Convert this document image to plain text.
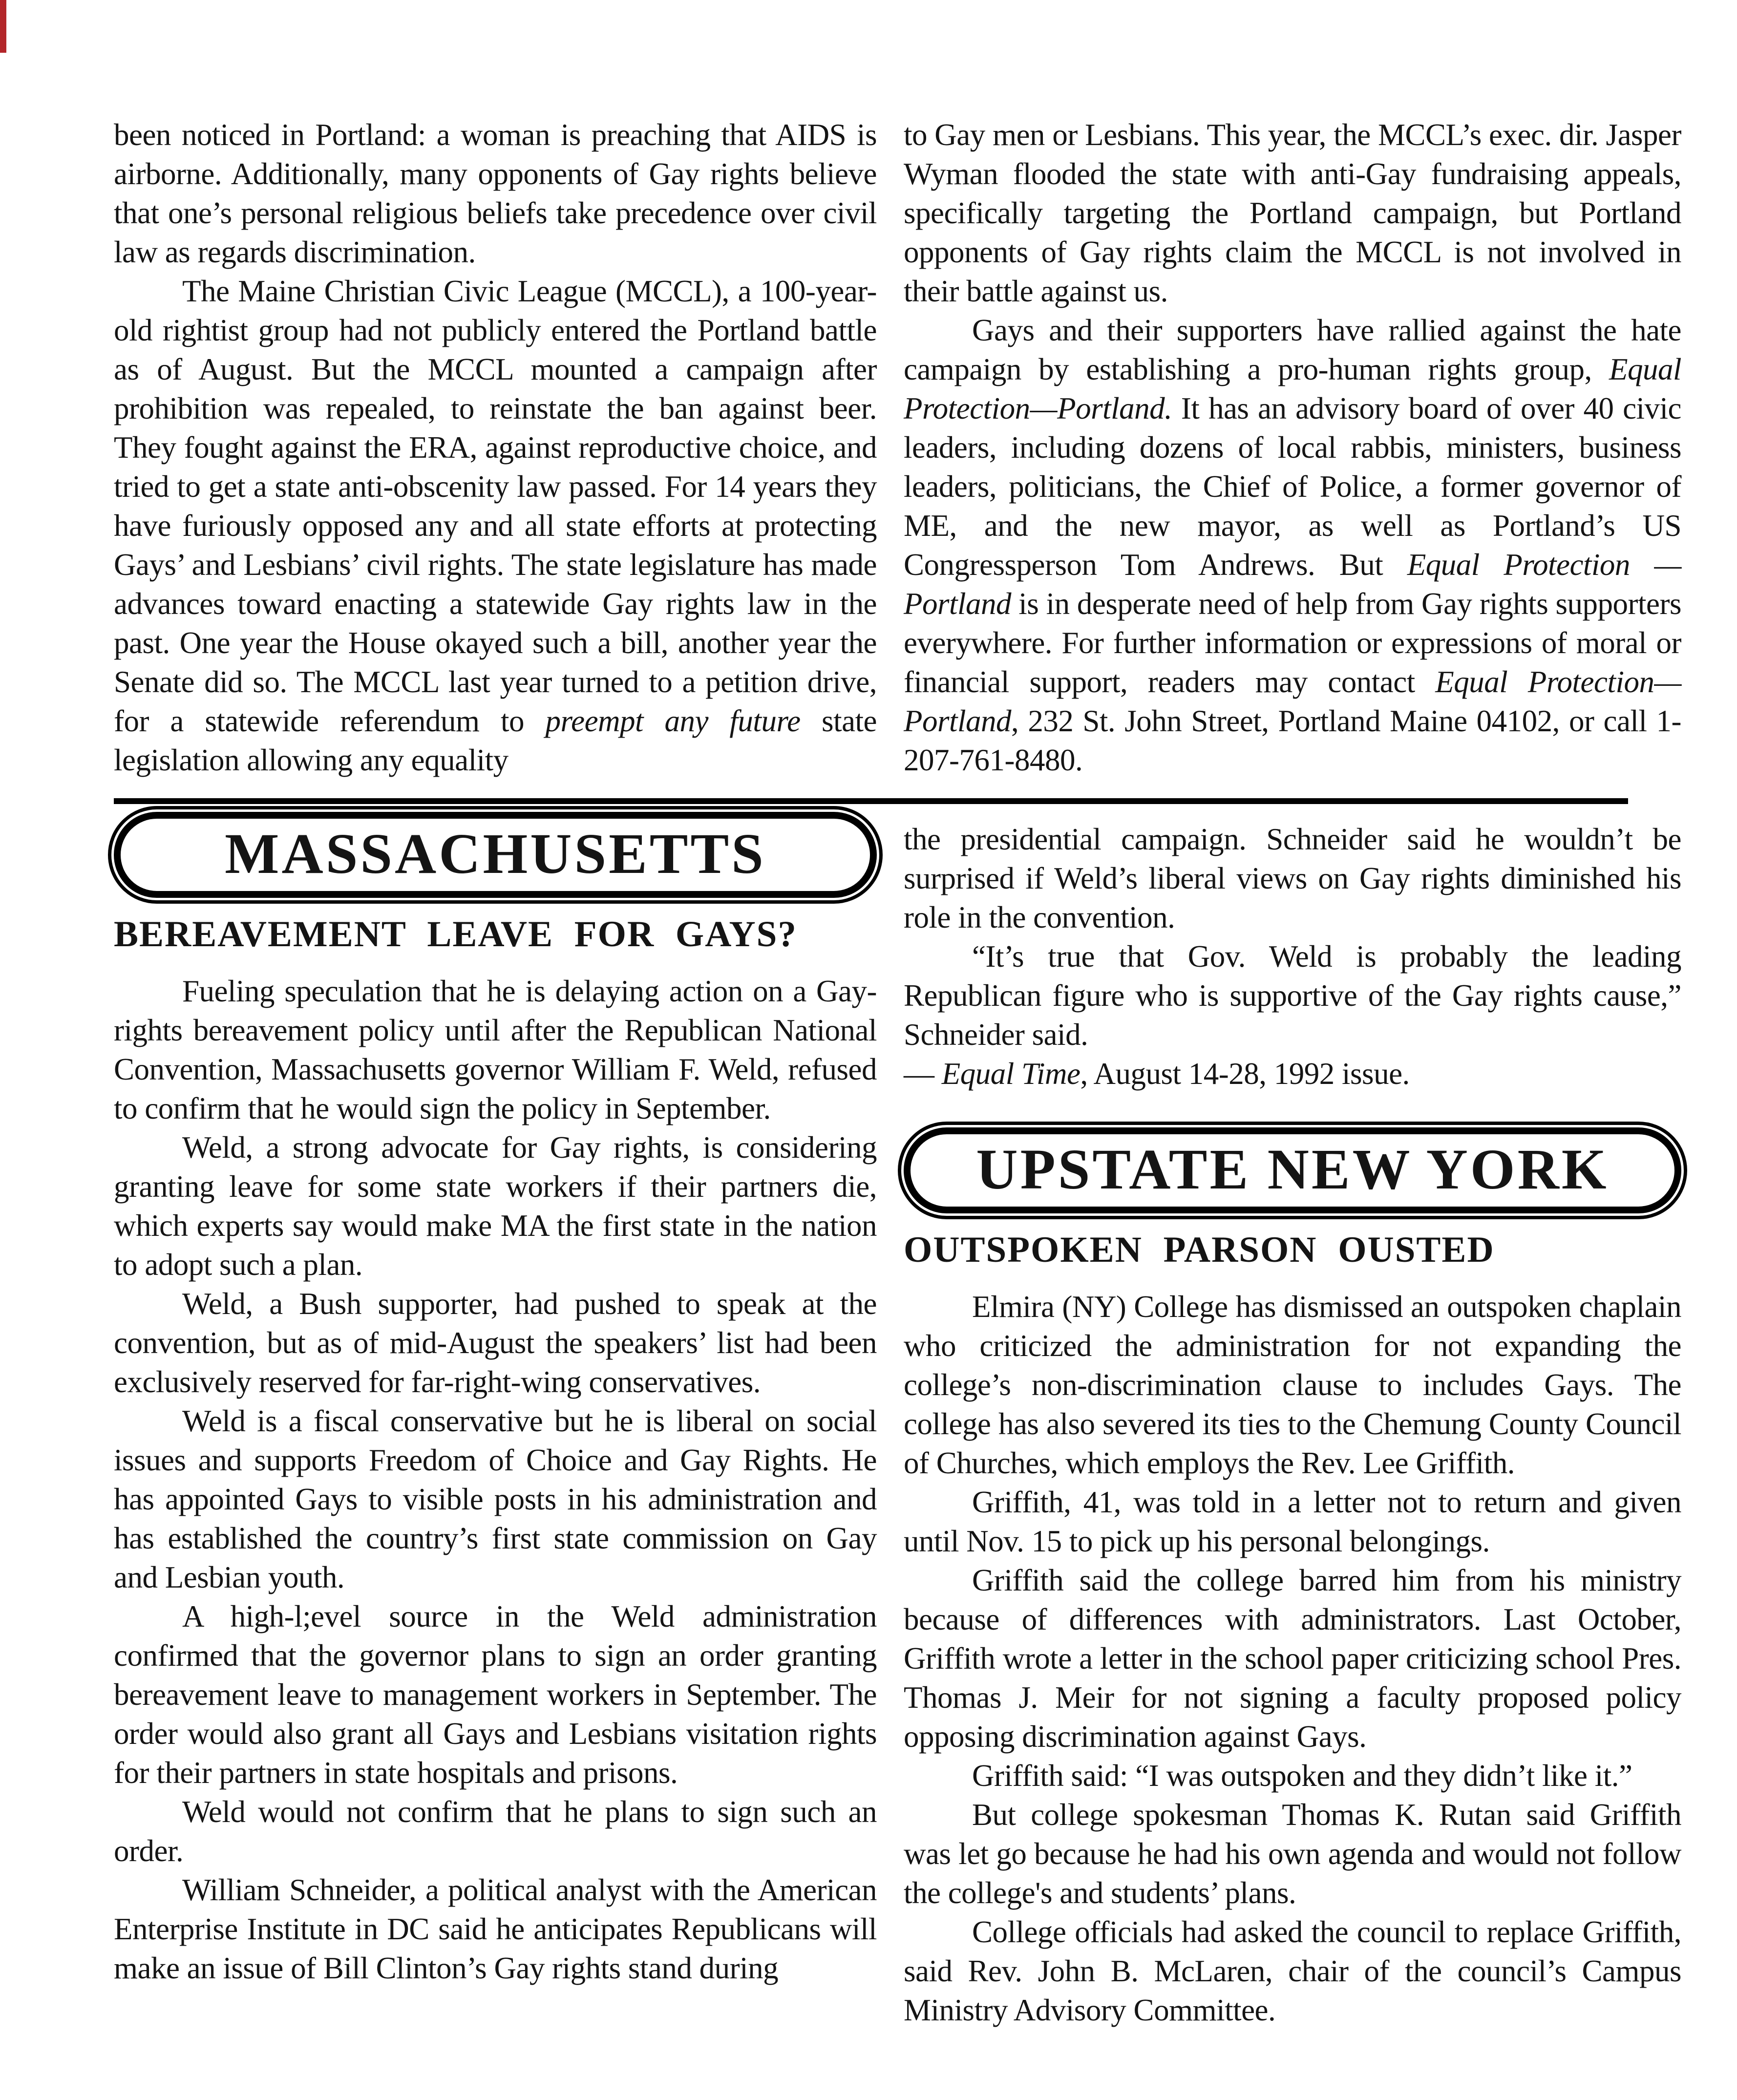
been noticed in Portland: a woman is preaching that AIDS is airborne. Additionally, many opponents of Gay rights believe that one’s personal religious beliefs take precedence over civil law as regards discrimination.

The Maine Christian Civic League (MCCL), a 100-year-old rightist group had not publicly entered the Portland battle as of August. But the MCCL mounted a campaign after prohibition was repealed, to reinstate the ban against beer. They fought against the ERA, against reproductive choice, and tried to get a state anti-obscenity law passed. For 14 years they have furiously opposed any and all state efforts at protecting Gays’ and Lesbians’ civil rights. The state legislature has made advances toward enacting a statewide Gay rights law in the past. One year the House okayed such a bill, another year the Senate did so. The MCCL last year turned to a petition drive, for a statewide referendum to preempt any future state legislation allowing any equality

to Gay men or Lesbians. This year, the MCCL’s exec. dir. Jasper Wyman flooded the state with anti-Gay fundraising appeals, specifically targeting the Portland campaign, but Portland opponents of Gay rights claim the MCCL is not involved in their battle against us.

Gays and their supporters have rallied against the hate campaign by establishing a pro-human rights group, Equal Protection—Portland. It has an advisory board of over 40 civic leaders, including dozens of local rabbis, ministers, business leaders, politicians, the Chief of Police, a former governor of ME, and the new mayor, as well as Portland’s US Congressperson Tom Andrews. But Equal Protection — Portland is in desperate need of help from Gay rights supporters everywhere. For further information or expressions of moral or financial support, readers may contact Equal Protection—Portland, 232 St. John Street, Portland Maine 04102, or call 1-207-761-8480.

MASSACHUSETTS
BEREAVEMENT LEAVE FOR GAYS?

Fueling speculation that he is delaying action on a Gay-rights bereavement policy until after the Republican National Convention, Massachusetts governor William F. Weld, refused to confirm that he would sign the policy in September.

Weld, a strong advocate for Gay rights, is considering granting leave for some state workers if their partners die, which experts say would make MA the first state in the nation to adopt such a plan.

Weld, a Bush supporter, had pushed to speak at the convention, but as of mid-August the speakers’ list had been exclusively reserved for far-right-wing conservatives.

Weld is a fiscal conservative but he is liberal on social issues and supports Freedom of Choice and Gay Rights. He has appointed Gays to visible posts in his administration and has established the country’s first state commission on Gay and Lesbian youth.

A high-l;evel source in the Weld administration confirmed that the governor plans to sign an order granting bereavement leave to management workers in September. The order would also grant all Gays and Lesbians visitation rights for their partners in state hospitals and prisons.

Weld would not confirm that he plans to sign such an order.

William Schneider, a political analyst with the American Enterprise Institute in DC said he anticipates Republicans will make an issue of Bill Clinton’s Gay rights stand during

the presidential campaign. Schneider said he wouldn’t be surprised if Weld’s liberal views on Gay rights diminished his role in the convention.

“It’s true that Gov. Weld is probably the leading Republican figure who is supportive of the Gay rights cause,” Schneider said.

— Equal Time, August 14-28, 1992 issue.

UPSTATE NEW YORK
OUTSPOKEN PARSON OUSTED

Elmira (NY) College has dismissed an outspoken chaplain who criticized the administration for not expanding the college’s non-discrimination clause to includes Gays. The college has also severed its ties to the Chemung County Council of Churches, which employs the Rev. Lee Griffith.

Griffith, 41, was told in a letter not to return and given until Nov. 15 to pick up his personal belongings.

Griffith said the college barred him from his ministry because of differences with administrators. Last October, Griffith wrote a letter in the school paper criticizing school Pres. Thomas J. Meir for not signing a faculty proposed policy opposing discrimination against Gays.

Griffith said: “I was outspoken and they didn’t like it.”

But college spokesman Thomas K. Rutan said Griffith was let go because he had his own agenda and would not follow the college's and students’ plans.

College officials had asked the council to replace Griffith, said Rev. John B. McLaren, chair of the council’s Campus Ministry Advisory Committee.
